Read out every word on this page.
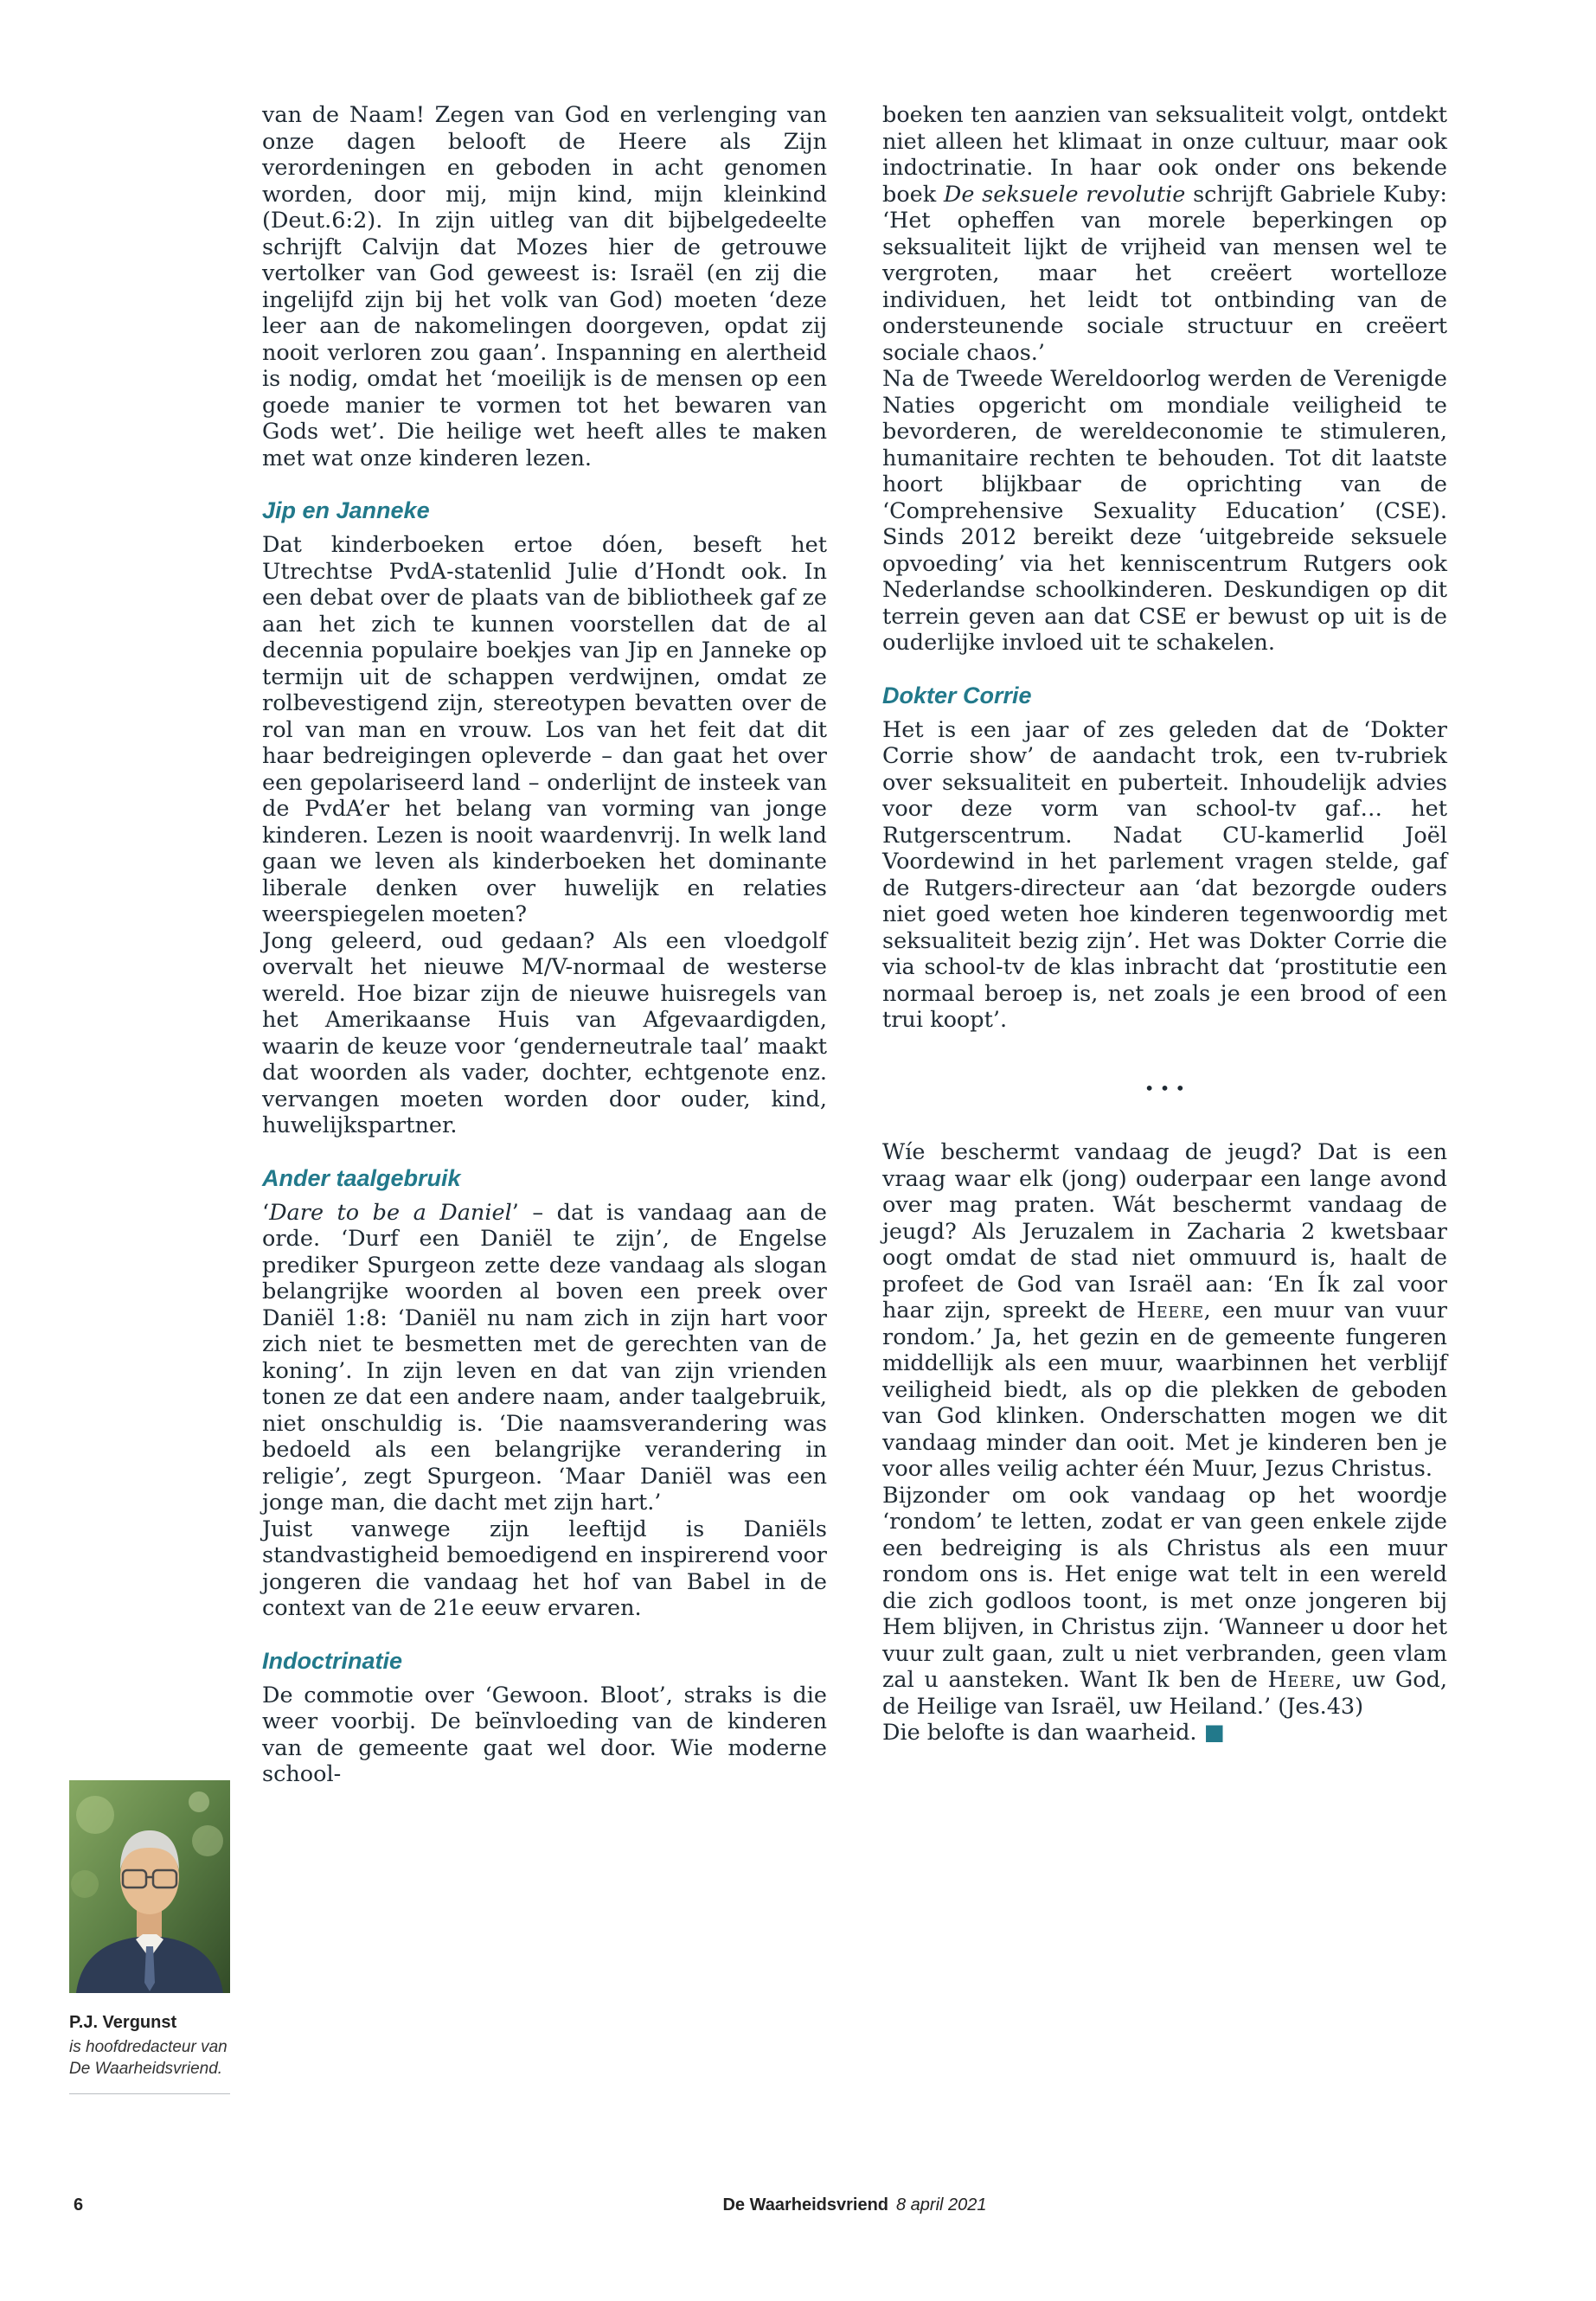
van de Naam! Zegen van God en verlenging van onze dagen belooft de Heere als Zijn verordeningen en geboden in acht genomen worden, door mij, mijn kind, mijn kleinkind (Deut.6:2). In zijn uitleg van dit bijbelgedeelte schrijft Calvijn dat Mozes hier de getrouwe vertolker van God geweest is: Israël (en zij die ingelijfd zijn bij het volk van God) moeten ‘deze leer aan de nakomelingen doorgeven, opdat zij nooit verloren zou gaan’. Inspanning en alertheid is nodig, omdat het ‘moeilijk is de mensen op een goede manier te vormen tot het bewaren van Gods wet’. Die heilige wet heeft alles te maken met wat onze kinderen lezen.

Jip en Janneke

Dat kinderboeken ertoe dóen, beseft het Utrechtse PvdA-statenlid Julie d’Hondt ook. In een debat over de plaats van de bibliotheek gaf ze aan het zich te kunnen voorstellen dat de al decennia populaire boekjes van Jip en Janneke op termijn uit de schappen verdwijnen, omdat ze rolbevestigend zijn, stereotypen bevatten over de rol van man en vrouw. Los van het feit dat dit haar bedreigingen opleverde – dan gaat het over een gepolariseerd land – onderlijnt de insteek van de PvdA’er het belang van vorming van jonge kinderen. Lezen is nooit waardenvrij. In welk land gaan we leven als kinderboeken het dominante liberale denken over huwelijk en relaties weerspiegelen moeten?

Jong geleerd, oud gedaan? Als een vloedgolf overvalt het nieuwe M/V-normaal de westerse wereld. Hoe bizar zijn de nieuwe huisregels van het Amerikaanse Huis van Afgevaardigden, waarin de keuze voor ‘genderneutrale taal’ maakt dat woorden als vader, dochter, echtgenote enz. vervangen moeten worden door ouder, kind, huwelijkspartner.

Ander taalgebruik

‘Dare to be a Daniel’ – dat is vandaag aan de orde. ‘Durf een Daniël te zijn’, de Engelse prediker Spurgeon zette deze vandaag als slogan belangrijke woorden al boven een preek over Daniël 1:8: ‘Daniël nu nam zich in zijn hart voor zich niet te besmetten met de gerechten van de koning’. In zijn leven en dat van zijn vrienden tonen ze dat een andere naam, ander taalgebruik, niet onschuldig is. ‘Die naamsverandering was bedoeld als een belangrijke verandering in religie’, zegt Spurgeon. ‘Maar Daniël was een jonge man, die dacht met zijn hart.’

Juist vanwege zijn leeftijd is Daniëls standvastigheid bemoedigend en inspirerend voor jongeren die vandaag het hof van Babel in de context van de 21e eeuw ervaren.

Indoctrinatie

De commotie over ‘Gewoon. Bloot’, straks is die weer voorbij. De beïnvloeding van de kinderen van de gemeente gaat wel door. Wie moderne school-

boeken ten aanzien van seksualiteit volgt, ontdekt niet alleen het klimaat in onze cultuur, maar ook indoctrinatie. In haar ook onder ons bekende boek De seksuele revolutie schrijft Gabriele Kuby: ‘Het opheffen van morele beperkingen op seksualiteit lijkt de vrijheid van mensen wel te vergroten, maar het creëert wortelloze individuen, het leidt tot ontbinding van de ondersteunende sociale structuur en creëert sociale chaos.’

Na de Tweede Wereldoorlog werden de Verenigde Naties opgericht om mondiale veiligheid te bevorderen, de wereldeconomie te stimuleren, humanitaire rechten te behouden. Tot dit laatste hoort blijkbaar de oprichting van de ‘Comprehensive Sexuality Education’ (CSE). Sinds 2012 bereikt deze ‘uitgebreide seksuele opvoeding’ via het kenniscentrum Rutgers ook Nederlandse schoolkinderen. Deskundigen op dit terrein geven aan dat CSE er bewust op uit is de ouderlijke invloed uit te schakelen.

Dokter Corrie

Het is een jaar of zes geleden dat de ‘Dokter Corrie show’ de aandacht trok, een tv-rubriek over seksualiteit en puberteit. Inhoudelijk advies voor deze vorm van school-tv gaf… het Rutgerscentrum. Nadat CU-kamerlid Joël Voordewind in het parlement vragen stelde, gaf de Rutgers-directeur aan ‘dat bezorgde ouders niet goed weten hoe kinderen tegenwoordig met seksualiteit bezig zijn’. Het was Dokter Corrie die via school-tv de klas inbracht dat ‘prostitutie een normaal beroep is, net zoals je een brood of een trui koopt’.

•••

Wíe beschermt vandaag de jeugd? Dat is een vraag waar elk (jong) ouderpaar een lange avond over mag praten. Wát beschermt vandaag de jeugd? Als Jeruzalem in Zacharia 2 kwetsbaar oogt omdat de stad niet ommuurd is, haalt de profeet de God van Israël aan: ‘En Ík zal voor haar zijn, spreekt de Heere, een muur van vuur rondom.’ Ja, het gezin en de gemeente fungeren middellijk als een muur, waarbinnen het verblijf veiligheid biedt, als op die plekken de geboden van God klinken. Onderschatten mogen we dit vandaag minder dan ooit. Met je kinderen ben je voor alles veilig achter één Muur, Jezus Christus.

Bijzonder om ook vandaag op het woordje ‘rondom’ te letten, zodat er van geen enkele zijde een bedreiging is als Christus als een muur rondom ons is. Het enige wat telt in een wereld die zich godloos toont, is met onze jongeren bij Hem blijven, in Christus zijn. ‘Wanneer u door het vuur zult gaan, zult u niet verbranden, geen vlam zal u aansteken. Want Ik ben de Heere, uw God, de Heilige van Israël, uw Heiland.’ (Jes.43)

Die belofte is dan waarheid. ■

P.J. Vergunst
is hoofdredacteur van De Waarheidsvriend.
6	De Waarheidsvriend 8 april 2021
